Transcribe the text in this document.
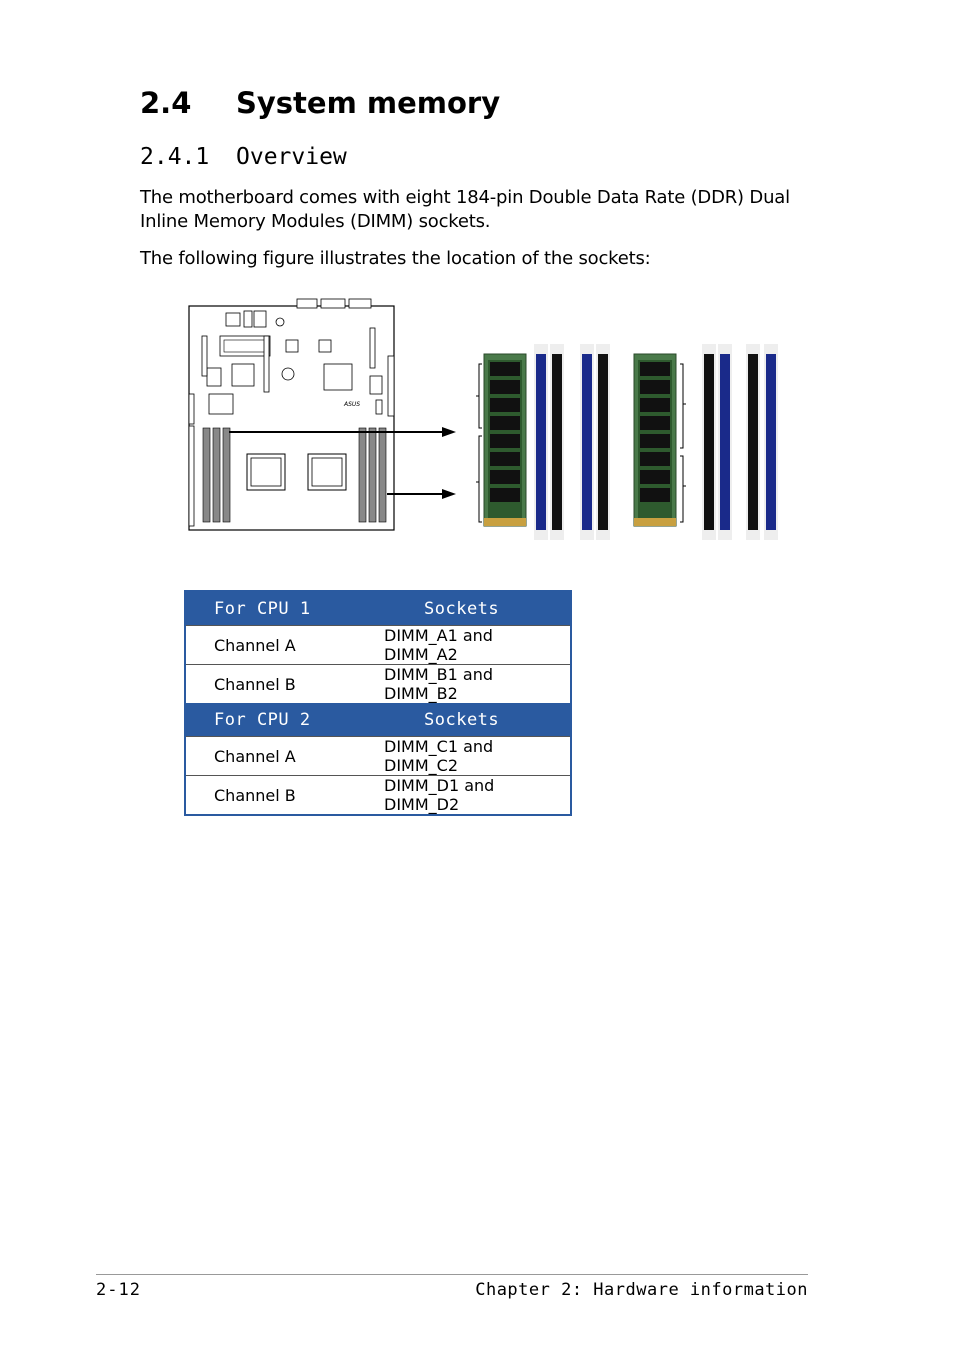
2.4 System memory
2.4.1 Overview
The motherboard comes with eight 184-pin Double Data Rate (DDR) Dual Inline Memory Modules (DIMM) sockets.
The following figure illustrates the location of the sockets:
ASUS
For CPU 1	Sockets
Channel A	DIMM_A1 and DIMM_A2
Channel B	DIMM_B1 and DIMM_B2
For CPU 2	Sockets
Channel A	DIMM_C1 and DIMM_C2
Channel B	DIMM_D1 and DIMM_D2
2-12	Chapter 2: Hardware information
